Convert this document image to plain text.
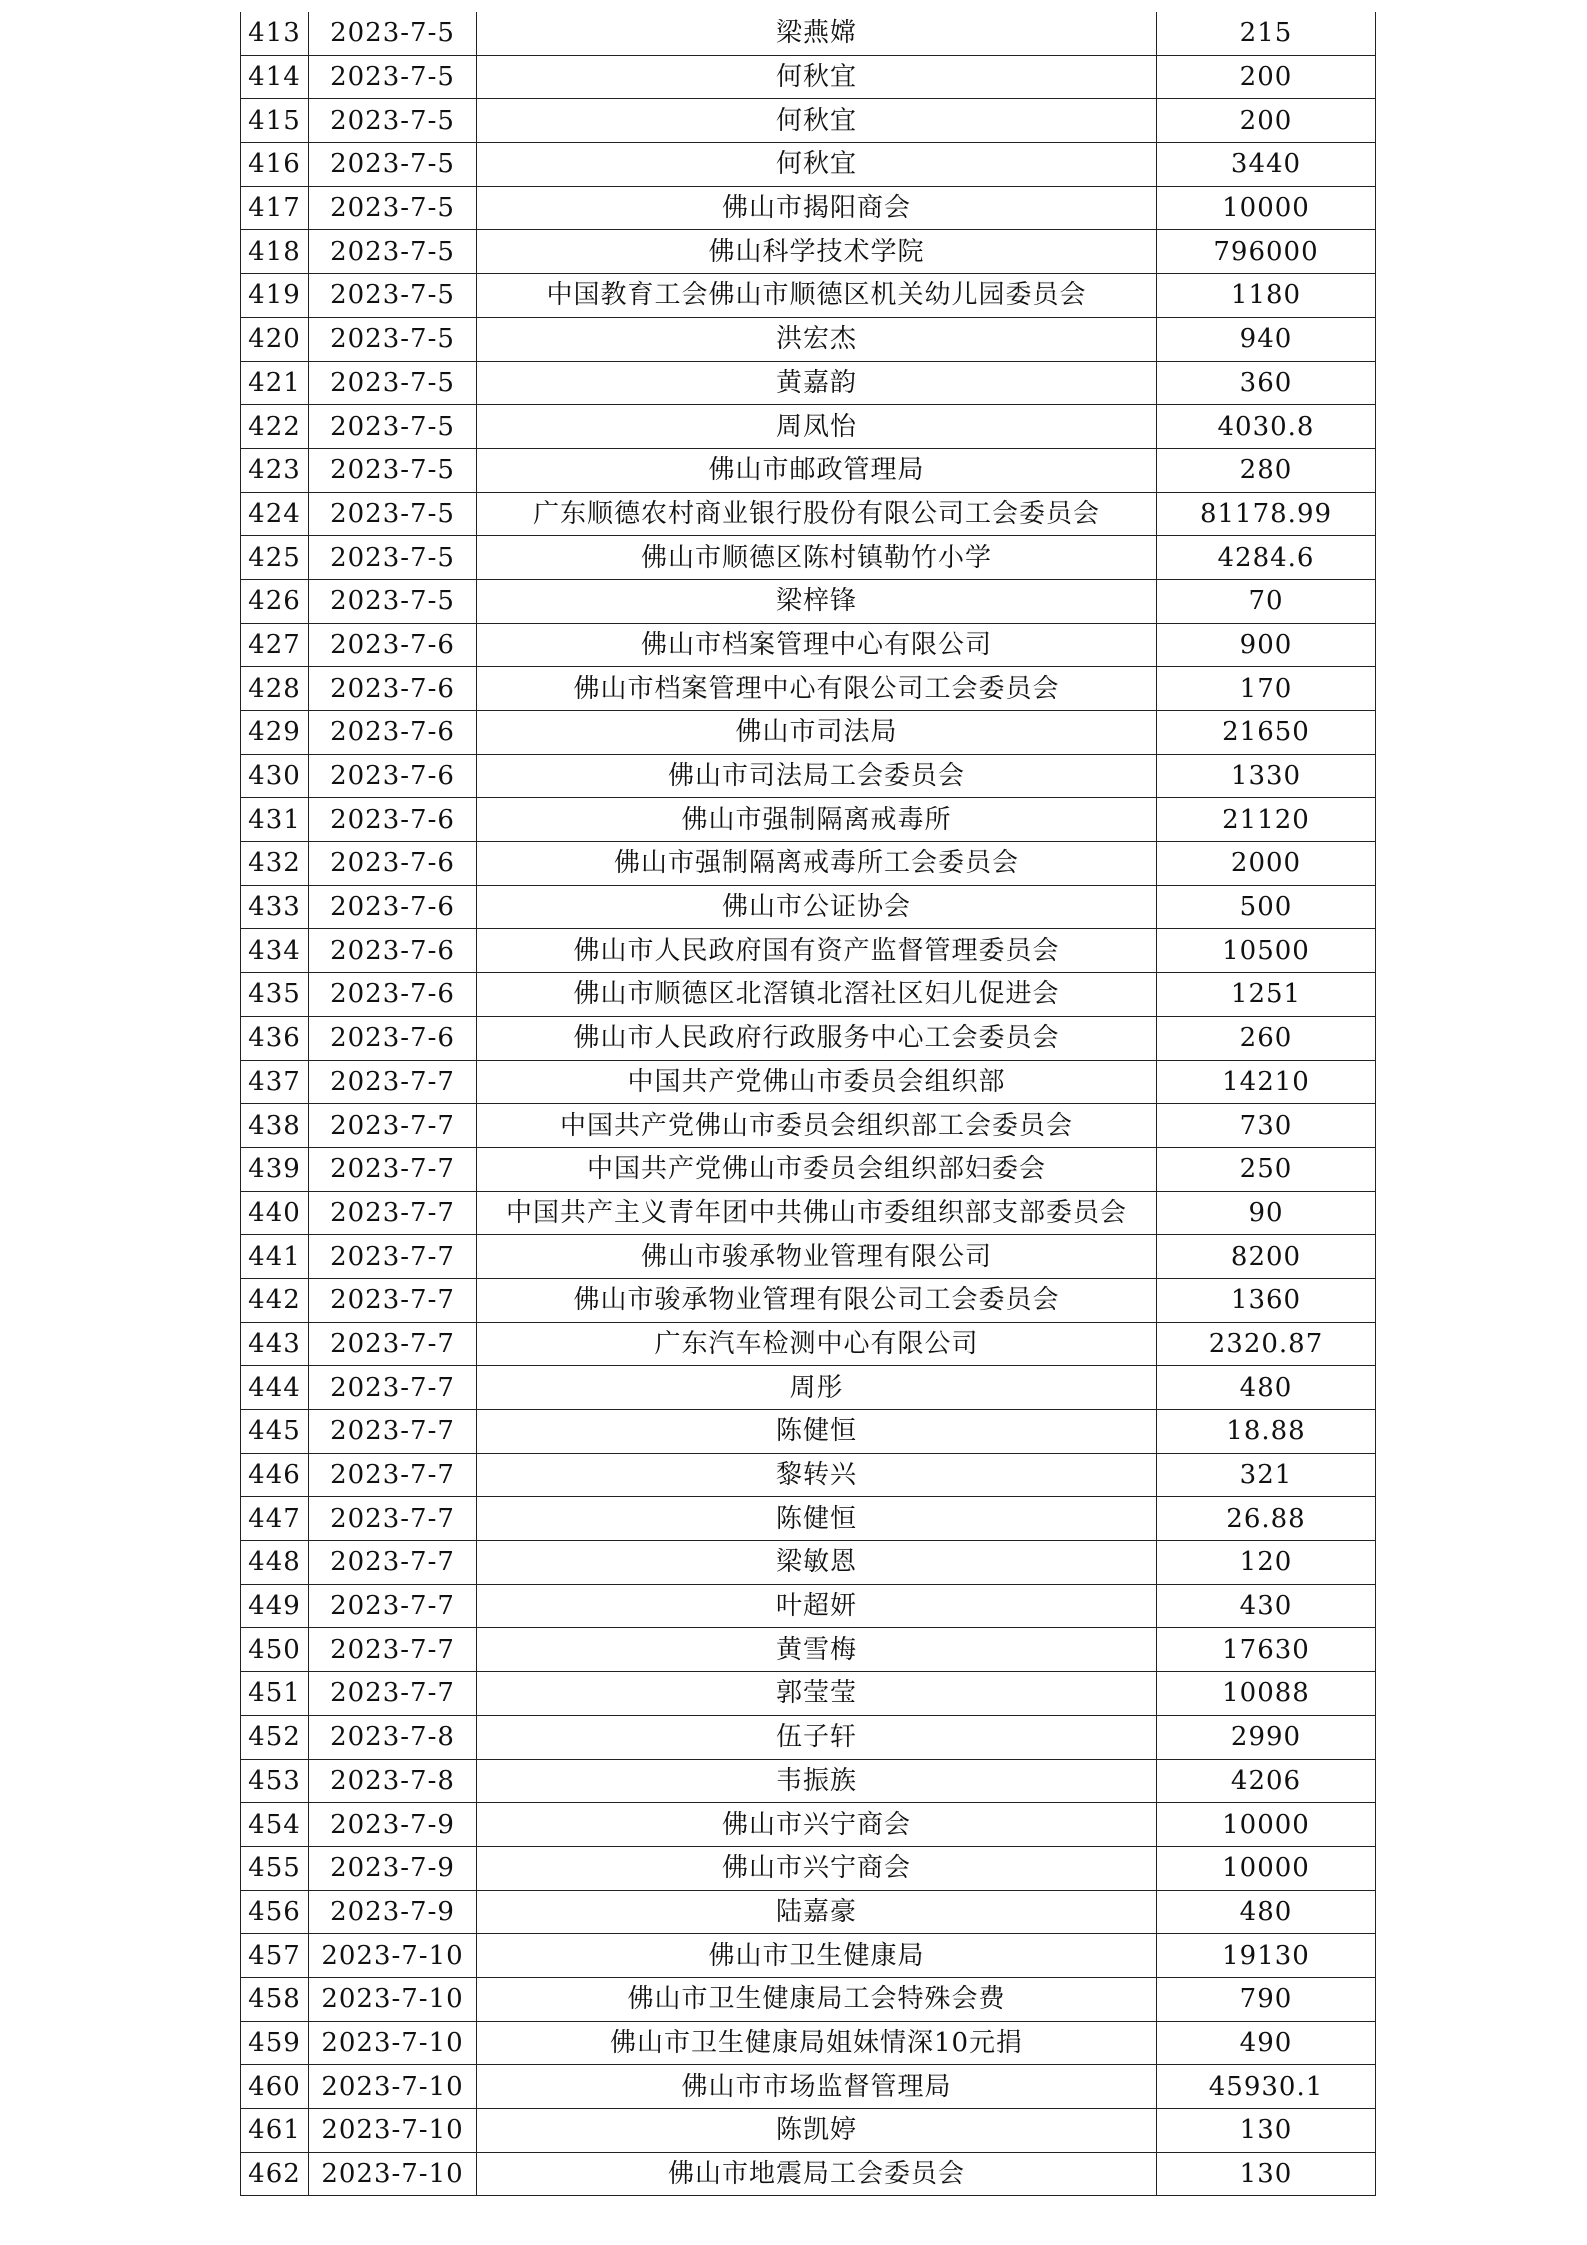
413	2023-7-5	梁燕嫦	215
414	2023-7-5	何秋宜	200
415	2023-7-5	何秋宜	200
416	2023-7-5	何秋宜	3440
417	2023-7-5	佛山市揭阳商会	10000
418	2023-7-5	佛山科学技术学院	796000
419	2023-7-5	中国教育工会佛山市顺德区机关幼儿园委员会	1180
420	2023-7-5	洪宏杰	940
421	2023-7-5	黄嘉韵	360
422	2023-7-5	周凤怡	4030.8
423	2023-7-5	佛山市邮政管理局	280
424	2023-7-5	广东顺德农村商业银行股份有限公司工会委员会	81178.99
425	2023-7-5	佛山市顺德区陈村镇勒竹小学	4284.6
426	2023-7-5	梁梓锋	70
427	2023-7-6	佛山市档案管理中心有限公司	900
428	2023-7-6	佛山市档案管理中心有限公司工会委员会	170
429	2023-7-6	佛山市司法局	21650
430	2023-7-6	佛山市司法局工会委员会	1330
431	2023-7-6	佛山市强制隔离戒毒所	21120
432	2023-7-6	佛山市强制隔离戒毒所工会委员会	2000
433	2023-7-6	佛山市公证协会	500
434	2023-7-6	佛山市人民政府国有资产监督管理委员会	10500
435	2023-7-6	佛山市顺德区北滘镇北滘社区妇儿促进会	1251
436	2023-7-6	佛山市人民政府行政服务中心工会委员会	260
437	2023-7-7	中国共产党佛山市委员会组织部	14210
438	2023-7-7	中国共产党佛山市委员会组织部工会委员会	730
439	2023-7-7	中国共产党佛山市委员会组织部妇委会	250
440	2023-7-7	中国共产主义青年团中共佛山市委组织部支部委员会	90
441	2023-7-7	佛山市骏承物业管理有限公司	8200
442	2023-7-7	佛山市骏承物业管理有限公司工会委员会	1360
443	2023-7-7	广东汽车检测中心有限公司	2320.87
444	2023-7-7	周彤	480
445	2023-7-7	陈健恒	18.88
446	2023-7-7	黎转兴	321
447	2023-7-7	陈健恒	26.88
448	2023-7-7	梁敏恩	120
449	2023-7-7	叶超妍	430
450	2023-7-7	黄雪梅	17630
451	2023-7-7	郭莹莹	10088
452	2023-7-8	伍子轩	2990
453	2023-7-8	韦振族	4206
454	2023-7-9	佛山市兴宁商会	10000
455	2023-7-9	佛山市兴宁商会	10000
456	2023-7-9	陆嘉豪	480
457	2023-7-10	佛山市卫生健康局	19130
458	2023-7-10	佛山市卫生健康局工会特殊会费	790
459	2023-7-10	佛山市卫生健康局姐妹情深10元捐	490
460	2023-7-10	佛山市市场监督管理局	45930.1
461	2023-7-10	陈凯婷	130
462	2023-7-10	佛山市地震局工会委员会	130
